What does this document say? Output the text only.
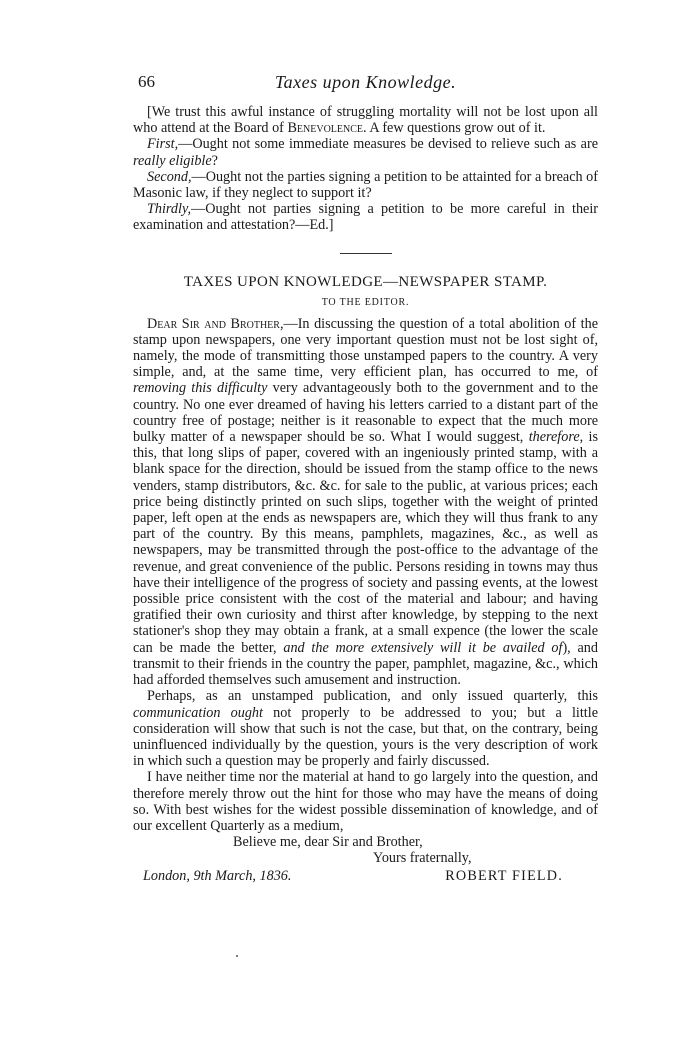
66	Taxes upon Knowledge.

[We trust this awful instance of struggling mortality will not be lost upon all who attend at the Board of Benevolence. A few questions grow out of it.

First,—Ought not some immediate measures be devised to relieve such as are really eligible?

Second,—Ought not the parties signing a petition to be attainted for a breach of Masonic law, if they neglect to support it?

Thirdly,—Ought not parties signing a petition to be more careful in their examination and attestation?—Ed.]

TAXES UPON KNOWLEDGE—NEWSPAPER STAMP.
TO THE EDITOR.

Dear Sir and Brother,—In discussing the question of a total abolition of the stamp upon newspapers, one very important question must not be lost sight of, namely, the mode of transmitting those unstamped papers to the country. A very simple, and, at the same time, very efficient plan, has occurred to me, of removing this difficulty very advantageously both to the government and to the country. No one ever dreamed of having his letters carried to a distant part of the country free of postage; neither is it reasonable to expect that the much more bulky matter of a newspaper should be so. What I would suggest, therefore, is this, that long slips of paper, covered with an ingeniously printed stamp, with a blank space for the direction, should be issued from the stamp office to the news venders, stamp distributors, &c. &c. for sale to the public, at various prices; each price being distinctly printed on such slips, together with the weight of printed paper, left open at the ends as newspapers are, which they will thus frank to any part of the country. By this means, pamphlets, magazines, &c., as well as newspapers, may be transmitted through the post-office to the advantage of the revenue, and great convenience of the public. Persons residing in towns may thus have their intelligence of the progress of society and passing events, at the lowest possible price consistent with the cost of the material and labour; and having gratified their own curiosity and thirst after knowledge, by stepping to the next stationer's shop they may obtain a frank, at a small expence (the lower the scale can be made the better, and the more extensively will it be availed of), and transmit to their friends in the country the paper, pamphlet, magazine, &c., which had afforded themselves such amusement and instruction.

Perhaps, as an unstamped publication, and only issued quarterly, this communication ought not properly to be addressed to you; but a little consideration will show that such is not the case, but that, on the contrary, being uninfluenced individually by the question, yours is the very description of work in which such a question may be properly and fairly discussed.

I have neither time nor the material at hand to go largely into the question, and therefore merely throw out the hint for those who may have the means of doing so. With best wishes for the widest possible dissemination of knowledge, and of our excellent Quarterly as a medium,

Believe me, dear Sir and Brother,
Yours fraternally,
London, 9th March, 1836.	ROBERT FIELD.
